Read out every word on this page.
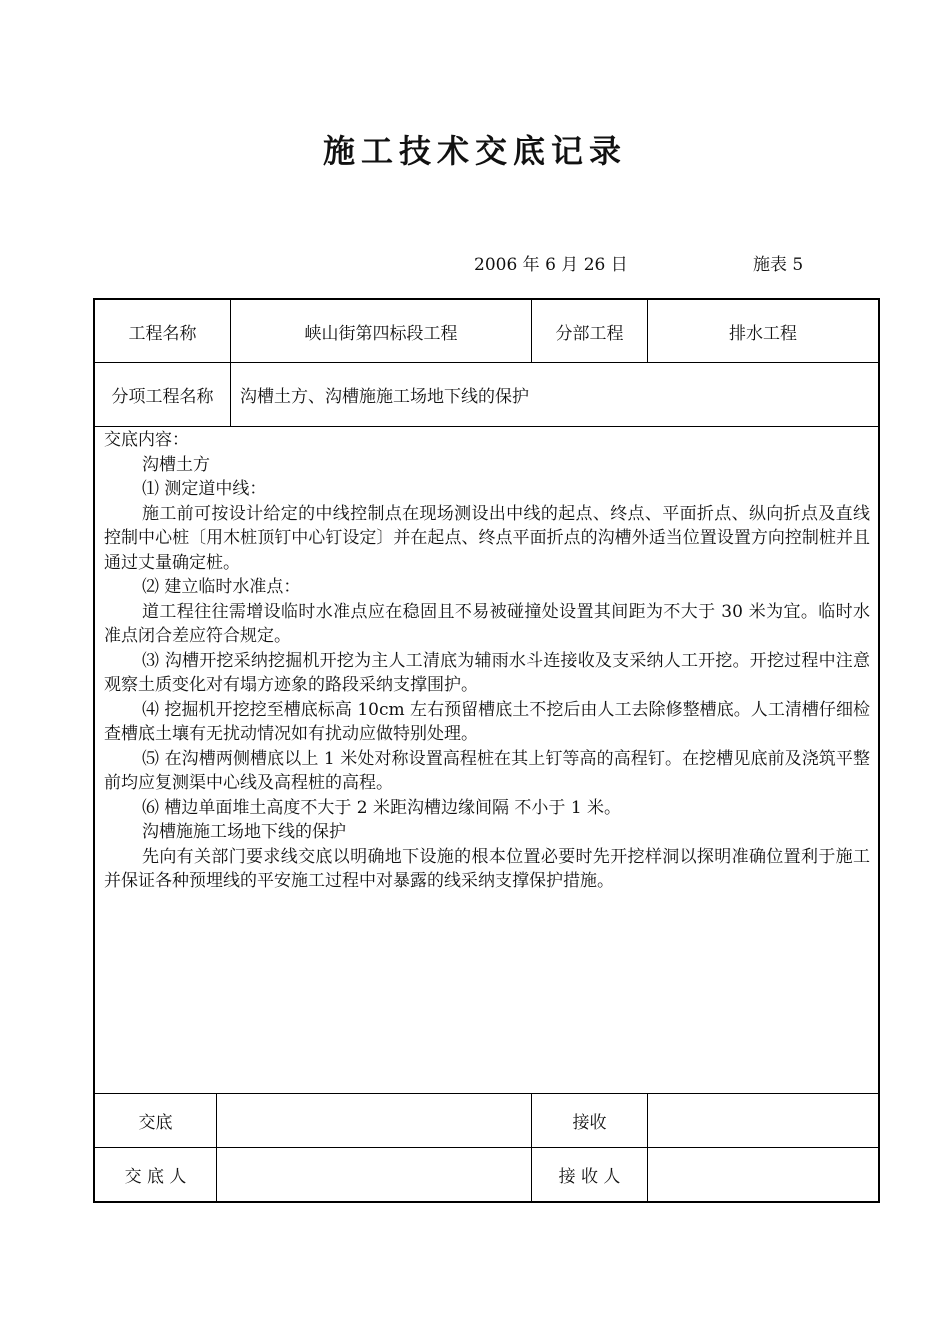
施工技术交底记录
2006 年 6 月 26 日	施表 5
工程名称	峡山街第四标段工程	分部工程	排水工程
分项工程名称	沟槽土方、沟槽施施工场地下线的保护

交底内容：

沟槽土方

⑴ 测定道中线：

施工前可按设计给定的中线控制点在现场测设出中线的起点、终点、平面折点、纵向折点及直线控制中心桩〔用木桩顶钉中心钉设定〕并在起点、终点平面折点的沟槽外适当位置设置方向控制桩并且通过丈量确定桩。

⑵ 建立临时水准点：

道工程往往需增设临时水准点应在稳固且不易被碰撞处设置其间距为不大于 30 米为宜。临时水准点闭合差应符合规定。

⑶ 沟槽开挖采纳挖掘机开挖为主人工清底为辅雨水斗连接收及支采纳人工开挖。开挖过程中注意观察土质变化对有塌方迹象的路段采纳支撑围护。

⑷ 挖掘机开挖挖至槽底标高 10cm 左右预留槽底土不挖后由人工去除修整槽底。人工清槽仔细检查槽底土壤有无扰动情况如有扰动应做特别处理。

⑸ 在沟槽两侧槽底以上 1 米处对称设置高程桩在其上钉等高的高程钉。在挖槽见底前及浇筑平整前均应复测渠中心线及高程桩的高程。

⑹ 槽边单面堆土高度不大于 2 米距沟槽边缘间隔 不小于 1 米。

沟槽施施工场地下线的保护

先向有关部门要求线交底以明确地下设施的根本位置必要时先开挖样洞以探明准确位置利于施工并保证各种预埋线的平安施工过程中对暴露的线采纳支撑保护措施。

交底	接收
交 底 人	接 收 人
